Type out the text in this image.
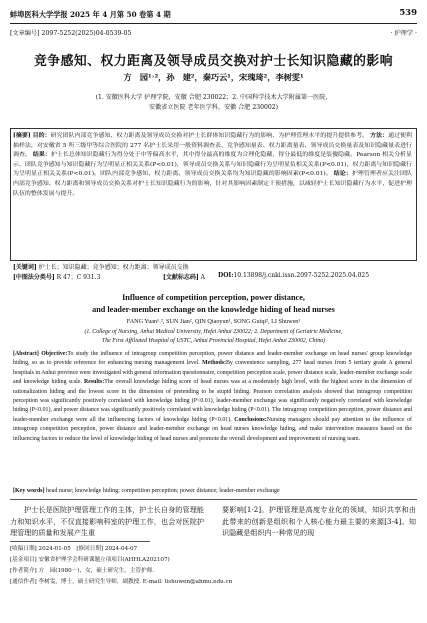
蚌埠医科大学学报 2025 年 4 月第 50 卷第 4 期	539
[文章编号] 2097-5252(2025)04-0539-05	· 护理学 ·
竞争感知、权力距离及领导成员交换对护士长知识隐藏的影响
方　园¹˒²，孙　建²，秦巧云¹，宋瑰琦²，李树雯¹
(1. 安徽医科大学 护理学院，安徽 合肥 230022；2. 中国科学技术大学附属第一医院，
安徽省立医院 老年医学科，安徽 合肥 230002)
[摘要] 目的：研究团队内部竞争感知、权力距离及领导成员交换对护士长群体知识隐藏行为的影响，为护理管理水平的提升提供参考。 方法：通过便利抽样法，对安徽省 5 所三级甲等综合医院的 277 名护士长采用一般资料调查表、竞争感知量表、权力距离量表、领导成员交换量表及知识隐藏量表进行调查。 结果：护士长总体知识隐藏行为得分处于中等偏高水平，其中得分最高的维度为合理化隐藏，得分最低的维度是装傻隐藏。Pearson 相关分析显示，团队竞争感知与知识隐藏行为呈明显正相关关系(P<0.01)，领导成员交换关系与知识隐藏行为呈明显负相关关系(P<0.01)，权力距离与知识隐藏行为呈明显正相关关系(P<0.01)。团队内部竞争感知、权力距离、领导成员交换关系均为知识隐藏的影响因素(P<0.01)。 结论：护理管理者应关注团队内部竞争感知、权力距离和领导成员交换关系对护士长知识隐藏行为的影响，针对其影响因素制定干预措施，以减轻护士长知识隐藏行为水平，促进护理队伍的整体发展与提升。
[关键词] 护士长；知识隐藏；竞争感知；权力距离；领导成员交换
[中图法分类号] R 47；C 931.3	[文献标志码] A DOI:10.13898/j.cnki.issn.2097-5252.2025.04.025
Influence of competition perception, power distance,
and leader-member exchange on the knowledge hiding of head nurses
FANG Yuan¹˒², SUN Jian², QIN Qiaoyun¹, SONG Guiqi², LI Shuwen¹
(1. College of Nursing, Anhui Medical University, Hefei Anhui 230022; 2. Department of Geriatric Medicine,
The First Affiliated Hospital of USTC, Anhui Provincial Hospital, Hefei Anhui 230002, China)
[Abstract] Objective:To study the influence of intragroup competition perception, power distance and leader-member exchange on head nurses' group knowledge hiding, so as to provide reference for enhancing nursing management level. Methods:By convenience sampling, 277 head nurses from 5 tertiary grade A general hospitals in Anhui province were investigated with general information questionnaire, competition perception scale, power distance scale, leader-member exchange scale and knowledge hiding scale. Results:The overall knowledge hiding score of head nurses was at a moderately high level, with the highest score in the dimension of rationalization hiding and the lowest score in the dimension of pretending to be stupid hiding. Pearson correlation analysis showed that intragroup competition perception was significantly positively correlated with knowledge hiding (P<0.01), leader-member exchange was significantly negatively correlated with knowledge hiding (P<0.01), and power distance was significantly positively correlated with knowledge hiding (P<0.01). The intragroup competition perception, power distance and leader-member exchange were all the influencing factors of knowledge hiding (P<0.01). Conclusions:Nursing managers should pay attention to the influence of intragroup competition perception, power distance and leader-member exchange on head nurses knowledge hiding, and make intervention measures based on the influencing factors to reduce the level of knowledge hiding of head nurses and promote the overall development and improvement of nursing team.
[Key words] head nurse; knowledge hiding; competition perception; power distance; leader-member exchange
护士长是医院护理管理工作的主体，护士长自身的管理能力和知识水平，不仅直接影响科室的护理工作，也会对医院护理管理的质量和发展产生重
要影响[1-2]。护理管理是高度专业化的领域，知识共享和由此带来的创新是组织和个人核心能力最主要的来源[3-4]。知识隐藏是组织内一种常见的现
[收稿日期] 2024-01-05　[修回日期] 2024-04-07
[基金项目] 安徽省护理学会科研课题立项项目(AHHLA202107)
[作者简介] 方　园(1980－)，女，硕士研究生，主管护师.
[通信作者] 李树雯，博士，硕士研究生导师，副教授. E-mail: lishuwen@ahmu.edu.cn
